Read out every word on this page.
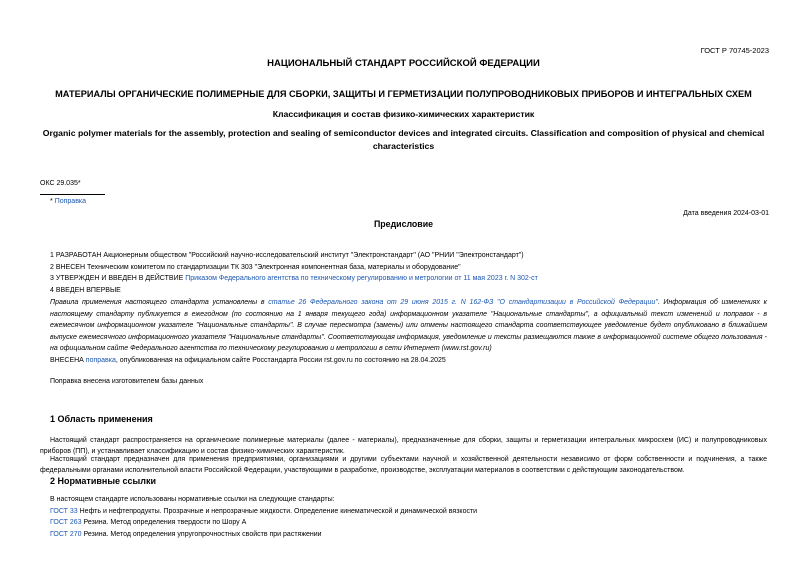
ГОСТ Р 70745-2023
НАЦИОНАЛЬНЫЙ СТАНДАРТ РОССИЙСКОЙ ФЕДЕРАЦИИ
МАТЕРИАЛЫ ОРГАНИЧЕСКИЕ ПОЛИМЕРНЫЕ ДЛЯ СБОРКИ, ЗАЩИТЫ И ГЕРМЕТИЗАЦИИ ПОЛУПРОВОДНИКОВЫХ ПРИБОРОВ И ИНТЕГРАЛЬНЫХ СХЕМ
Классификация и состав физико-химических характеристик
Organic polymer materials for the assembly, protection and sealing of semiconductor devices and integrated circuits. Classification and composition of physical and chemical characteristics
ОКС 29.035*
* Поправка
Дата введения 2024-03-01
Предисловие
1 РАЗРАБОТАН Акционерным обществом "Российский научно-исследовательский институт "Электронстандарт" (АО "РНИИ "Электронстандарт")
2 ВНЕСЕН Техническим комитетом по стандартизации ТК 303 "Электронная компонентная база, материалы и оборудование"
3 УТВЕРЖДЕН И ВВЕДЕН В ДЕЙСТВИЕ Приказом Федерального агентства по техническому регулированию и метрологии от 11 мая 2023 г. N 302-ст
4 ВВЕДЕН ВПЕРВЫЕ
Правила применения настоящего стандарта установлены в статье 26 Федерального закона от 29 июня 2015 г. N 162-ФЗ "О стандартизации в Российской Федерации". Информация об изменениях к настоящему стандарту публикуется в ежегодном (по состоянию на 1 января текущего года) информационном указателе "Национальные стандарты", а официальный текст изменений и поправок - в ежемесячном информационном указателе "Национальные стандарты". В случае пересмотра (замены) или отмены настоящего стандарта соответствующее уведомление будет опубликовано в ближайшем выпуске ежемесячного информационного указателя "Национальные стандарты". Соответствующая информация, уведомление и тексты размещаются также в информационной системе общего пользования - на официальном сайте Федерального агентства по техническому регулированию и метрологии в сети Интернет (www.rst.gov.ru)
ВНЕСЕНА поправка, опубликованная на официальном сайте Росстандарта России rst.gov.ru по состоянию на 28.04.2025
Поправка внесена изготовителем базы данных
1 Область применения
Настоящий стандарт распространяется на органические полимерные материалы (далее - материалы), предназначенные для сборки, защиты и герметизации интегральных микросхем (ИС) и полупроводниковых приборов (ПП), и устанавливает классификацию и состав физико-химических характеристик.
Настоящий стандарт предназначен для применения предприятиями, организациями и другими субъектами научной и хозяйственной деятельности независимо от форм собственности и подчинения, а также федеральными органами исполнительной власти Российской Федерации, участвующими в разработке, производстве, эксплуатации материалов в соответствии с действующим законодательством.
2 Нормативные ссылки
В настоящем стандарте использованы нормативные ссылки на следующие стандарты:
ГОСТ 33 Нефть и нефтепродукты. Прозрачные и непрозрачные жидкости. Определение кинематической и динамической вязкости
ГОСТ 263 Резина. Метод определения твердости по Шору А
ГОСТ 270 Резина. Метод определения упругопрочностных свойств при растяжении
